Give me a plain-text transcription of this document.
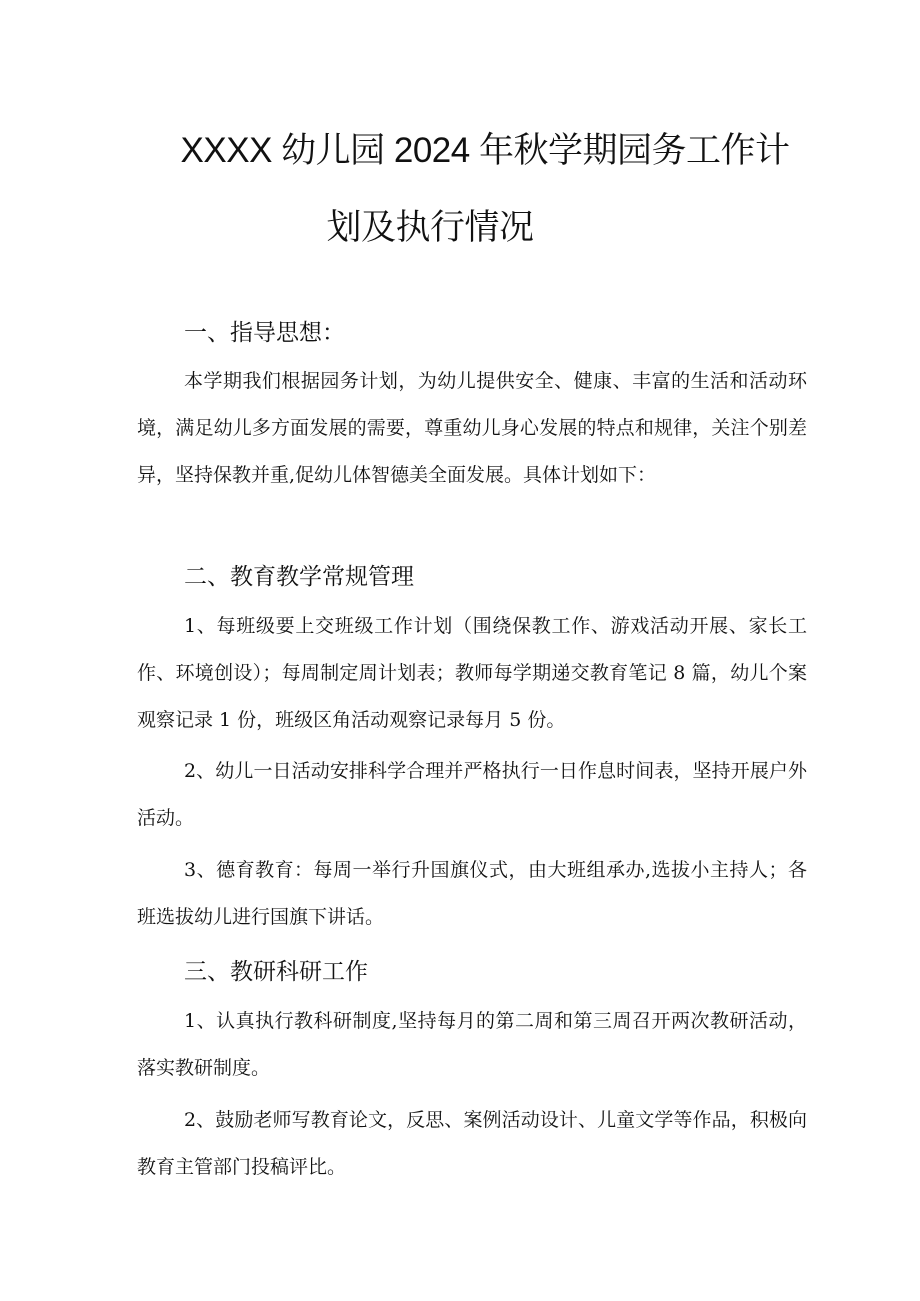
XXXX 幼儿园 2024 年秋学期园务工作计
划及执行情况
一、指导思想：
本学期我们根据园务计划，为幼儿提供安全、健康、丰富的生活和活动环境，满足幼儿多方面发展的需要，尊重幼儿身心发展的特点和规律，关注个别差异，坚持保教并重,促幼儿体智德美全面发展。具体计划如下：
二、教育教学常规管理
1、每班级要上交班级工作计划（围绕保教工作、游戏活动开展、家长工作、环境创设）；每周制定周计划表；教师每学期递交教育笔记 8 篇，幼儿个案观察记录 1 份，班级区角活动观察记录每月 5 份。
2、幼儿一日活动安排科学合理并严格执行一日作息时间表，坚持开展户外活动。
3、德育教育：每周一举行升国旗仪式，由大班组承办,选拔小主持人；各班选拔幼儿进行国旗下讲话。
三、教研科研工作
1、认真执行教科研制度,坚持每月的第二周和第三周召开两次教研活动，落实教研制度。
2、鼓励老师写教育论文，反思、案例活动设计、儿童文学等作品，积极向教育主管部门投稿评比。
